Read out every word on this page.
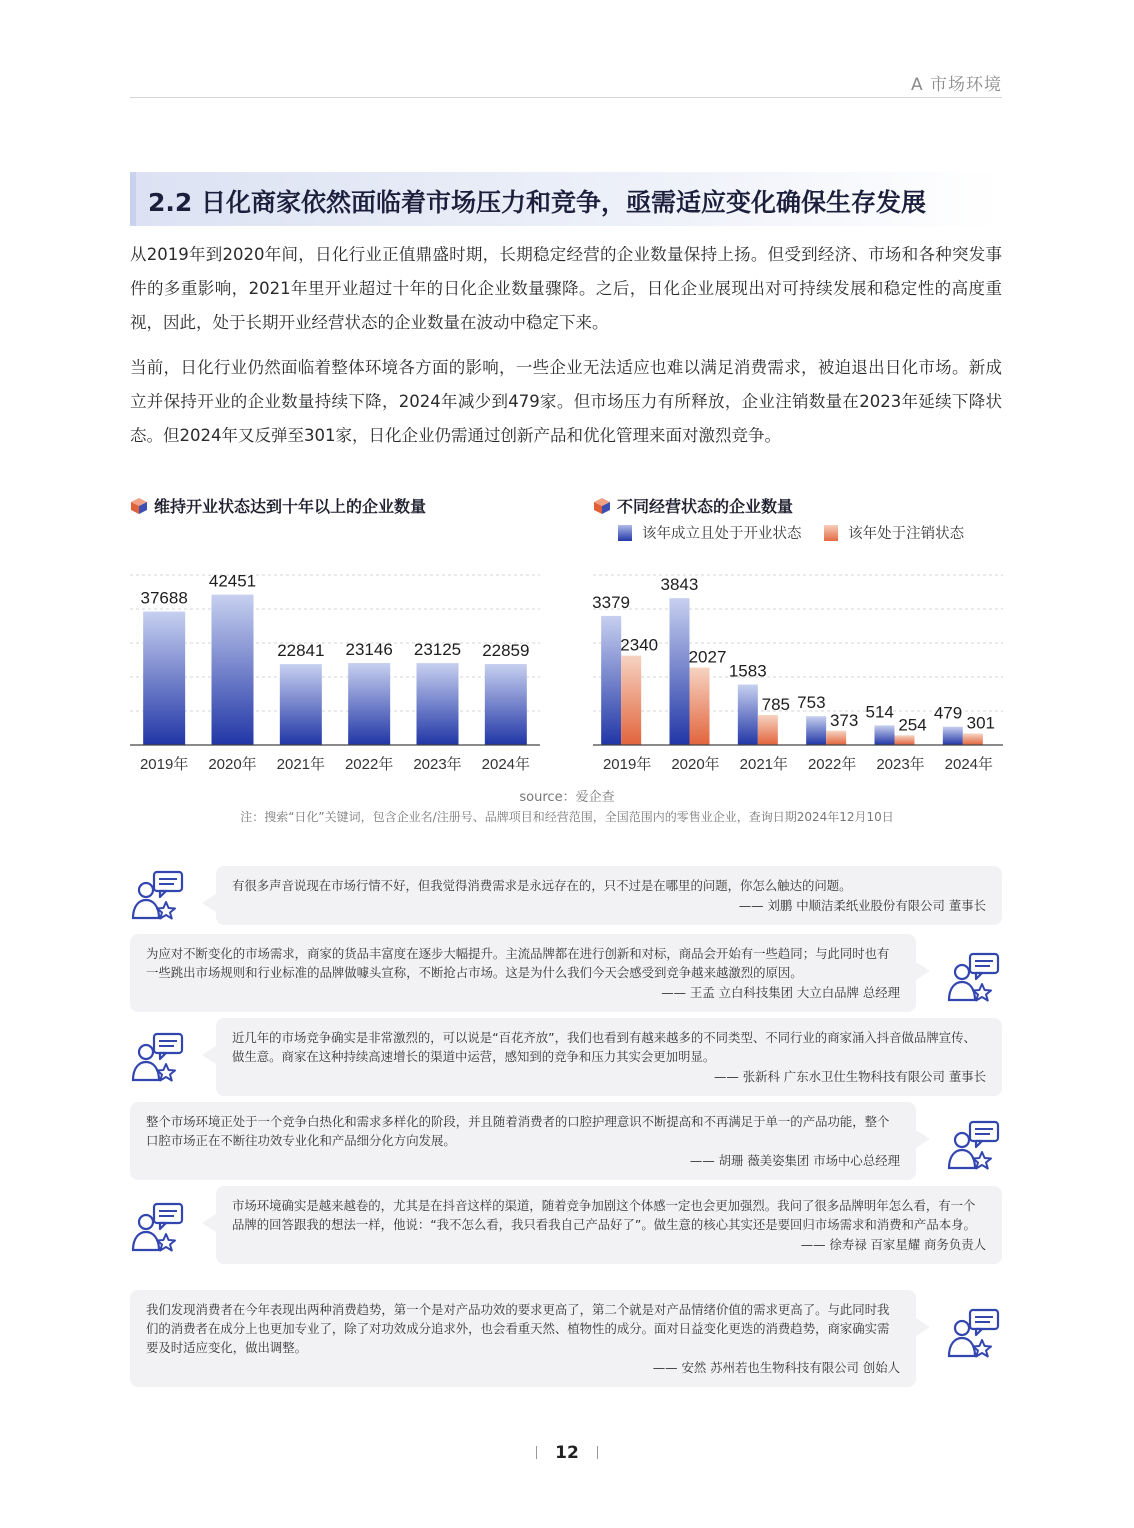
A 市场环境
2.2 日化商家依然面临着市场压力和竞争，亟需适应变化确保生存发展

从2019年到2020年间，日化行业正值鼎盛时期，长期稳定经营的企业数量保持上扬。但受到经济、市场和各种突发事件的多重影响，2021年里开业超过十年的日化企业数量骤降。之后，日化企业展现出对可持续发展和稳定性的高度重视，因此，处于长期开业经营状态的企业数量在波动中稳定下来。

当前，日化行业仍然面临着整体环境各方面的影响，一些企业无法适应也难以满足消费需求，被迫退出日化市场。新成立并保持开业的企业数量持续下降，2024年减少到479家。但市场压力有所释放，企业注销数量在2023年延续下降状态。但2024年又反弹至301家，日化企业仍需通过创新产品和优化管理来面对激烈竞争。

维持开业状态达到十年以上的企业数量	不同经营状态的企业数量
该年成立且处于开业状态	该年处于注销状态
37688
2019年
42451
2020年
22841
2021年
23146
2022年
23125
2023年
22859
2024年
3379
2340
2019年
3843
2027
2020年
1583
785
2021年
753
373
2022年
514
254
2023年
479
301
2024年
source：爱企查
注：搜索“日化”关键词，包含企业名/注册号、品牌项目和经营范围，全国范围内的零售业企业，查询日期2024年12月10日
有很多声音说现在市场行情不好，但我觉得消费需求是永远存在的，只不过是在哪里的问题，你怎么触达的问题。
—— 刘鹏 中顺洁柔纸业股份有限公司 董事长
为应对不断变化的市场需求，商家的货品丰富度在逐步大幅提升。主流品牌都在进行创新和对标，商品会开始有一些趋同；与此同时也有一些跳出市场规则和行业标准的品牌做噱头宣称，不断抢占市场。这是为什么我们今天会感受到竞争越来越激烈的原因。
—— 王孟 立白科技集团 大立白品牌 总经理
近几年的市场竞争确实是非常激烈的，可以说是“百花齐放”，我们也看到有越来越多的不同类型、不同行业的商家涌入抖音做品牌宣传、做生意。商家在这种持续高速增长的渠道中运营，感知到的竞争和压力其实会更加明显。
—— 张新科 广东水卫仕生物科技有限公司 董事长
整个市场环境正处于一个竞争白热化和需求多样化的阶段，并且随着消费者的口腔护理意识不断提高和不再满足于单一的产品功能，整个口腔市场正在不断往功效专业化和产品细分化方向发展。
—— 胡珊 薇美姿集团 市场中心总经理
市场环境确实是越来越卷的，尤其是在抖音这样的渠道，随着竞争加剧这个体感一定也会更加强烈。我问了很多品牌明年怎么看，有一个品牌的回答跟我的想法一样，他说：“我不怎么看，我只看我自己产品好了”。做生意的核心其实还是要回归市场需求和消费和产品本身。
—— 徐寿禄 百家星耀 商务负责人
我们发现消费者在今年表现出两种消费趋势，第一个是对产品功效的要求更高了，第二个就是对产品情绪价值的需求更高了。与此同时我们的消费者在成分上也更加专业了，除了对功效成分追求外，也会看重天然、植物性的成分。面对日益变化更迭的消费趋势，商家确实需要及时适应变化，做出调整。
—— 安然 苏州若也生物科技有限公司 创始人
12
